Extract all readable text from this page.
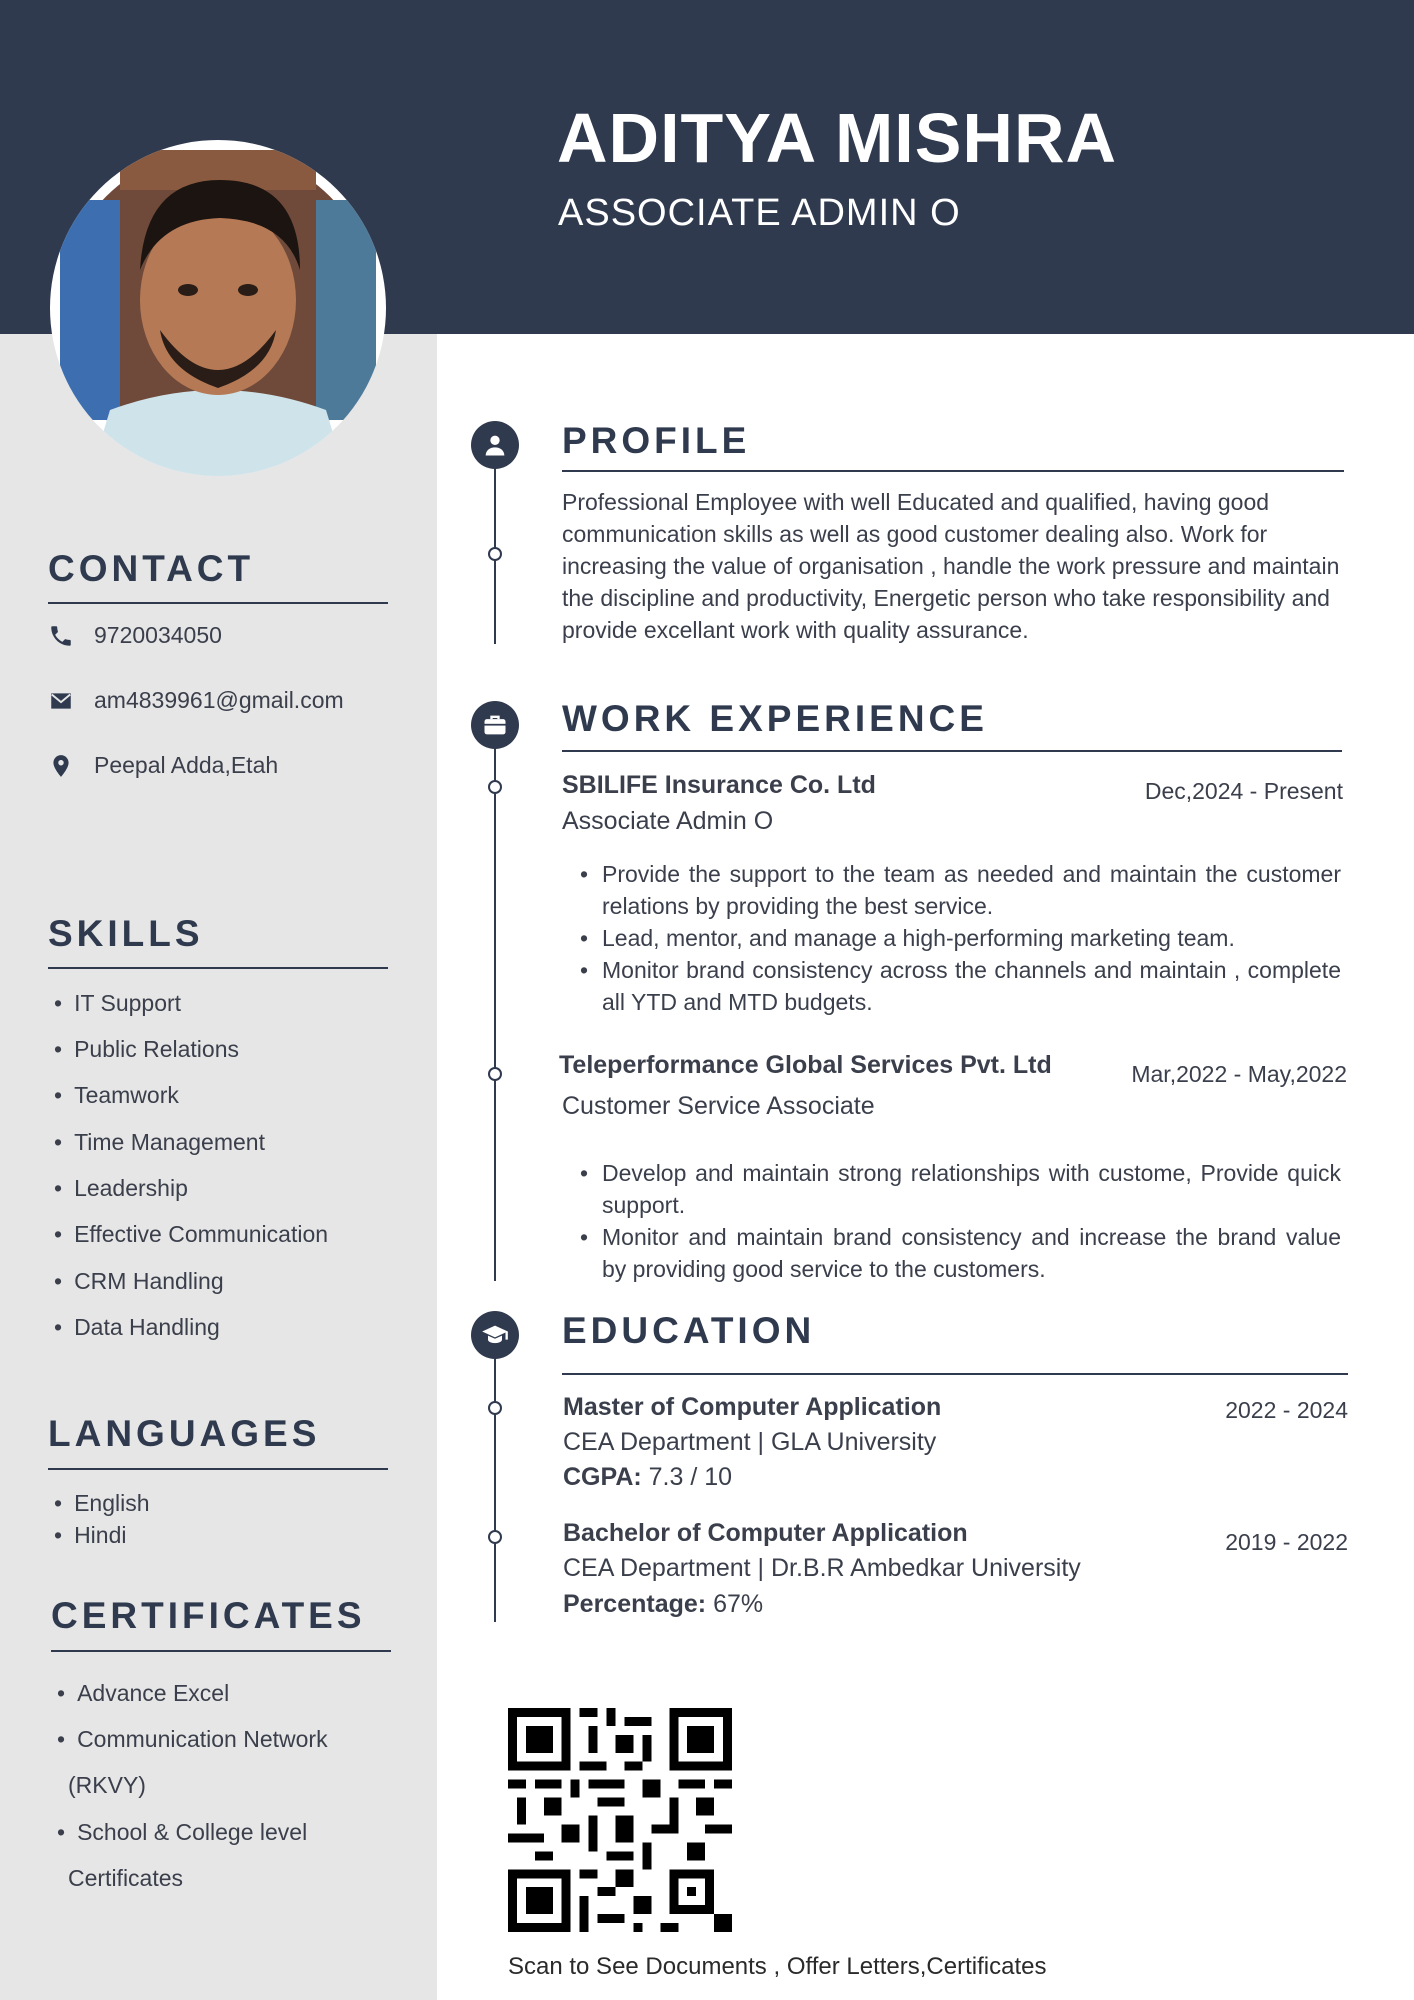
ADITYA MISHRA
ASSOCIATE ADMIN O
CONTACT
9720034050
am4839961@gmail.com
Peepal Adda,Etah
SKILLS
• IT Support
• Public Relations
• Teamwork
• Time Management
• Leadership
• Effective Communication
• CRM Handling
• Data Handling
LANGUAGES
• English
• Hindi
CERTIFICATES
• Advance Excel
• Communication Network
(RKVY)
• School & College level
Certificates
PROFILE
Professional Employee with well Educated and qualified, having good communication skills as well as good customer dealing also. Work for increasing the value of organisation , handle the work pressure and maintain the discipline and productivity, Energetic person who take responsibility and provide excellant work with quality assurance.
WORK EXPERIENCE
SBILIFE Insurance Co. Ltd	Dec,2024 - Present
Associate Admin O
• Provide the support to the team as needed and maintain the customer relations by providing the best service.
• Lead, mentor, and manage a high-performing marketing team.
• Monitor brand consistency across the channels and maintain , complete all YTD and MTD budgets.
Teleperformance Global Services Pvt. Ltd	Mar,2022 - May,2022
Customer Service Associate
• Develop and maintain strong relationships with custome, Provide quick support.
• Monitor and maintain brand consistency and increase the brand value by providing good service to the customers.
EDUCATION
Master of Computer Application	2022 - 2024
CEA Department | GLA University
CGPA: 7.3 / 10
Bachelor of Computer Application	2019 - 2022
CEA Department | Dr.B.R Ambedkar University
Percentage: 67%
Scan to See Documents , Offer Letters,Certificates
